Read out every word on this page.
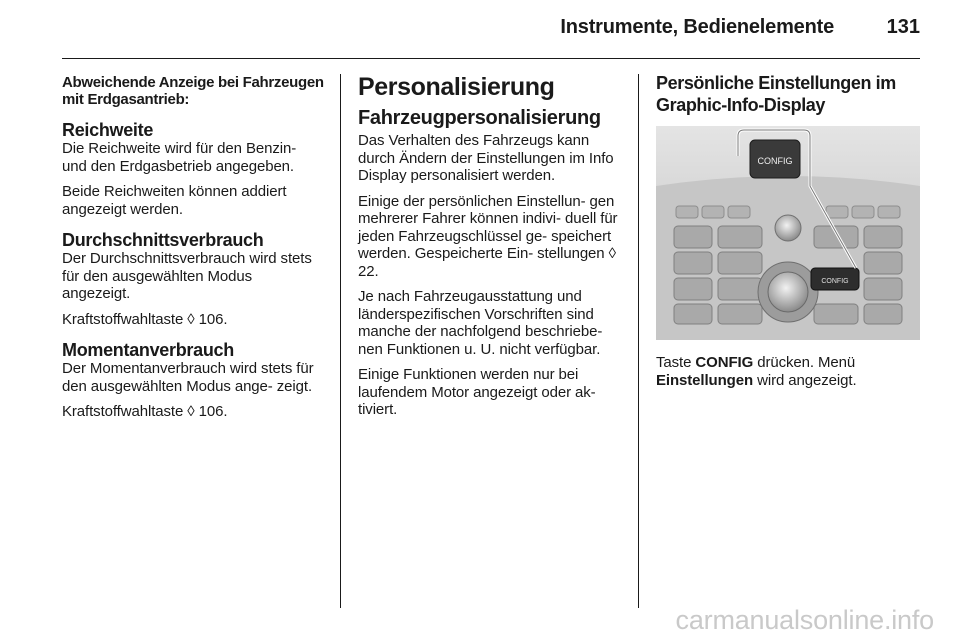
Instrumente, Bedienelemente	131

Abweichende Anzeige bei Fahrzeugen mit Erdgasantrieb:

Reichweite

Die Reichweite wird für den Benzin- und den Erdgasbetrieb angegeben.

Beide Reichweiten können addiert angezeigt werden.

Durchschnittsverbrauch

Der Durchschnittsverbrauch wird stets für den ausgewählten Modus angezeigt.

Kraftstoffwahltaste ◊ 106.

Momentanverbrauch

Der Momentanverbrauch wird stets für den ausgewählten Modus ange- zeigt.

Kraftstoffwahltaste ◊ 106.

Personalisierung

Fahrzeugpersonalisierung

Das Verhalten des Fahrzeugs kann durch Ändern der Einstellungen im Info Display personalisiert werden.

Einige der persönlichen Einstellun- gen mehrerer Fahrer können indivi- duell für jeden Fahrzeugschlüssel ge- speichert werden. Gespeicherte Ein- stellungen ◊ 22.

Je nach Fahrzeugausstattung und länderspezifischen Vorschriften sind manche der nachfolgend beschriebe- nen Funktionen u. U. nicht verfügbar.

Einige Funktionen werden nur bei laufendem Motor angezeigt oder ak- tiviert.

Persönliche Einstellungen im Graphic-Info-Display

CONFIG
CONFIG

Taste CONFIG drücken. Menü
Einstellungen wird angezeigt.

carmanualsonline.info
